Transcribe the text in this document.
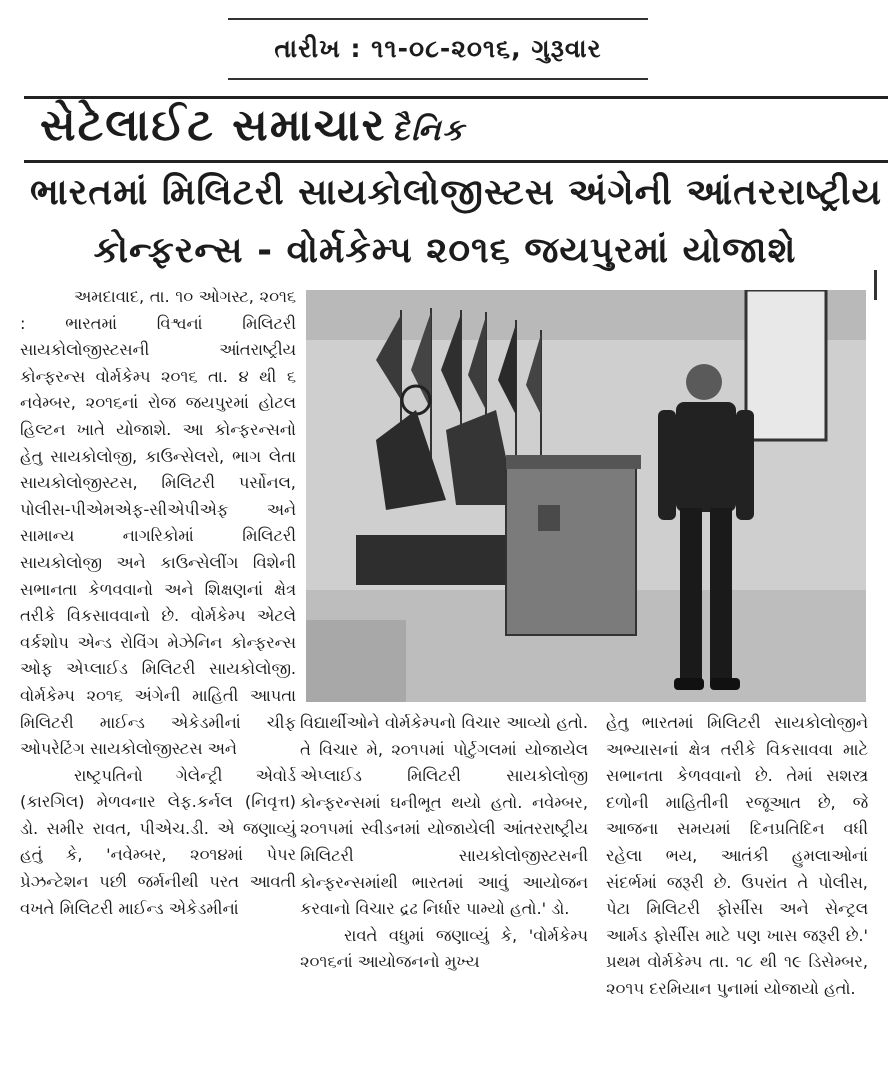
તારીખ : ૧૧-૦૮-૨૦૧૬, ગુરૂવાર
સેટેલાઈટ સમાચાર દૈનિક
ભારતમાં મિલિટરી સાયકોલોજીસ્ટસ અંગેની આંતરરાષ્ટ્રીય
કોન્ફરન્સ - વોર્મકેમ્પ ૨૦૧૬ જયપુરમાં યોજાશે

અમદાવાદ, તા. ૧૦ ઓગસ્ટ, ૨૦૧૬ : ભારતમાં વિશ્વનાં મિલિટરી સાયકોલોજીસ્ટસની આંતરાષ્ટ્રીય કોન્ફરન્સ વોર્મકેમ્પ ૨૦૧૬ તા. ૪ થી ૬ નવેમ્બર, ૨૦૧૬નાં રોજ જયપુરમાં હોટલ હિલ્ટન ખાતે યોજાશે. આ કોન્ફરન્સનો હેતુ સાયકોલોજી, કાઉન્સેલરો, ભાગ લેતા સાયકોલોજીસ્ટસ, મિલિટરી પર્સોનલ, પોલીસ-પીએમએફ-સીએપીએફ અને સામાન્ય નાગરિકોમાં મિલિટરી સાયકોલોજી અને કાઉન્સેલીંગ વિશેની સભાનતા કેળવવાનો અને શિક્ષણનાં ક્ષેત્ર તરીકે વિકસાવવાનો છે. વોર્મકેમ્પ એટલે વર્કશોપ એન્ડ રોવિંગ મેઝેનિન કોન્ફરન્સ ઓફ એપ્લાઈડ મિલિટરી સાયકોલોજી. વોર્મકેમ્પ ૨૦૧૬ અંગેની માહિતી આપતા મિલિટરી માઈન્ડ એકેડમીનાં ચીફ ઓપરેટિંગ સાયકોલોજીસ્ટસ અને

રાષ્ટ્રપતિનો ગેલેન્ટ્રી એવોર્ડ (કારગિલ) મેળવનાર લેફ.કર્નલ (નિવૃત્ત) ડો. સમીર રાવત, પીએચ.ડી. એ જણાવ્યું હતું કે, 'નવેમ્બર, ૨૦૧૪માં પેપર પ્રેઝન્ટેશન પછી જર્મનીથી પરત આવતી વખતે મિલિટરી માઈન્ડ એકેડમીનાં

વિદ્યાર્થીઓને વોર્મકેમ્પનો વિચાર આવ્યો હતો. તે વિચાર મે, ૨૦૧૫માં પોર્ટુગલમાં યોજાયેલ એપ્લાઈડ મિલિટરી સાયકોલોજી કોન્ફરન્સમાં ઘનીભૂત થયો હતો. નવેમ્બર, ૨૦૧૫માં સ્વીડનમાં યોજાયેલી આંતરરાષ્ટ્રીય મિલિટરી સાયકોલોજીસ્ટસની કોન્ફરન્સમાંથી ભારતમાં આવું આયોજન કરવાનો વિચાર દ્રઢ નિર્ધાર પામ્યો હતો.' ડો.

રાવતે વધુમાં જણાવ્યું કે, 'વોર્મકેમ્પ ૨૦૧૬નાં આયોજનનો મુખ્ય

હેતુ ભારતમાં મિલિટરી સાયકોલોજીને અભ્યાસનાં ક્ષેત્ર તરીકે વિકસાવવા માટે સભાનતા કેળવવાનો છે. તેમાં સશસ્ત્ર દળોની માહિતીની રજૂઆત છે, જે આજના સમયમાં દિનપ્રતિદિન વધી રહેલા ભય, આતંકી હુમલાઓનાં સંદર્ભમાં જરૂરી છે. ઉપરાંત તે પોલીસ, પેટા મિલિટરી ફોર્સીસ અને સેન્ટ્રલ આર્મડ ફોર્સીસ માટે પણ ખાસ જરૂરી છે.' પ્રથમ વોર્મકેમ્પ તા. ૧૮ થી ૧૯ ડિસેમ્બર, ૨૦૧૫ દરમિયાન પુનામાં યોજાયો હતો.
